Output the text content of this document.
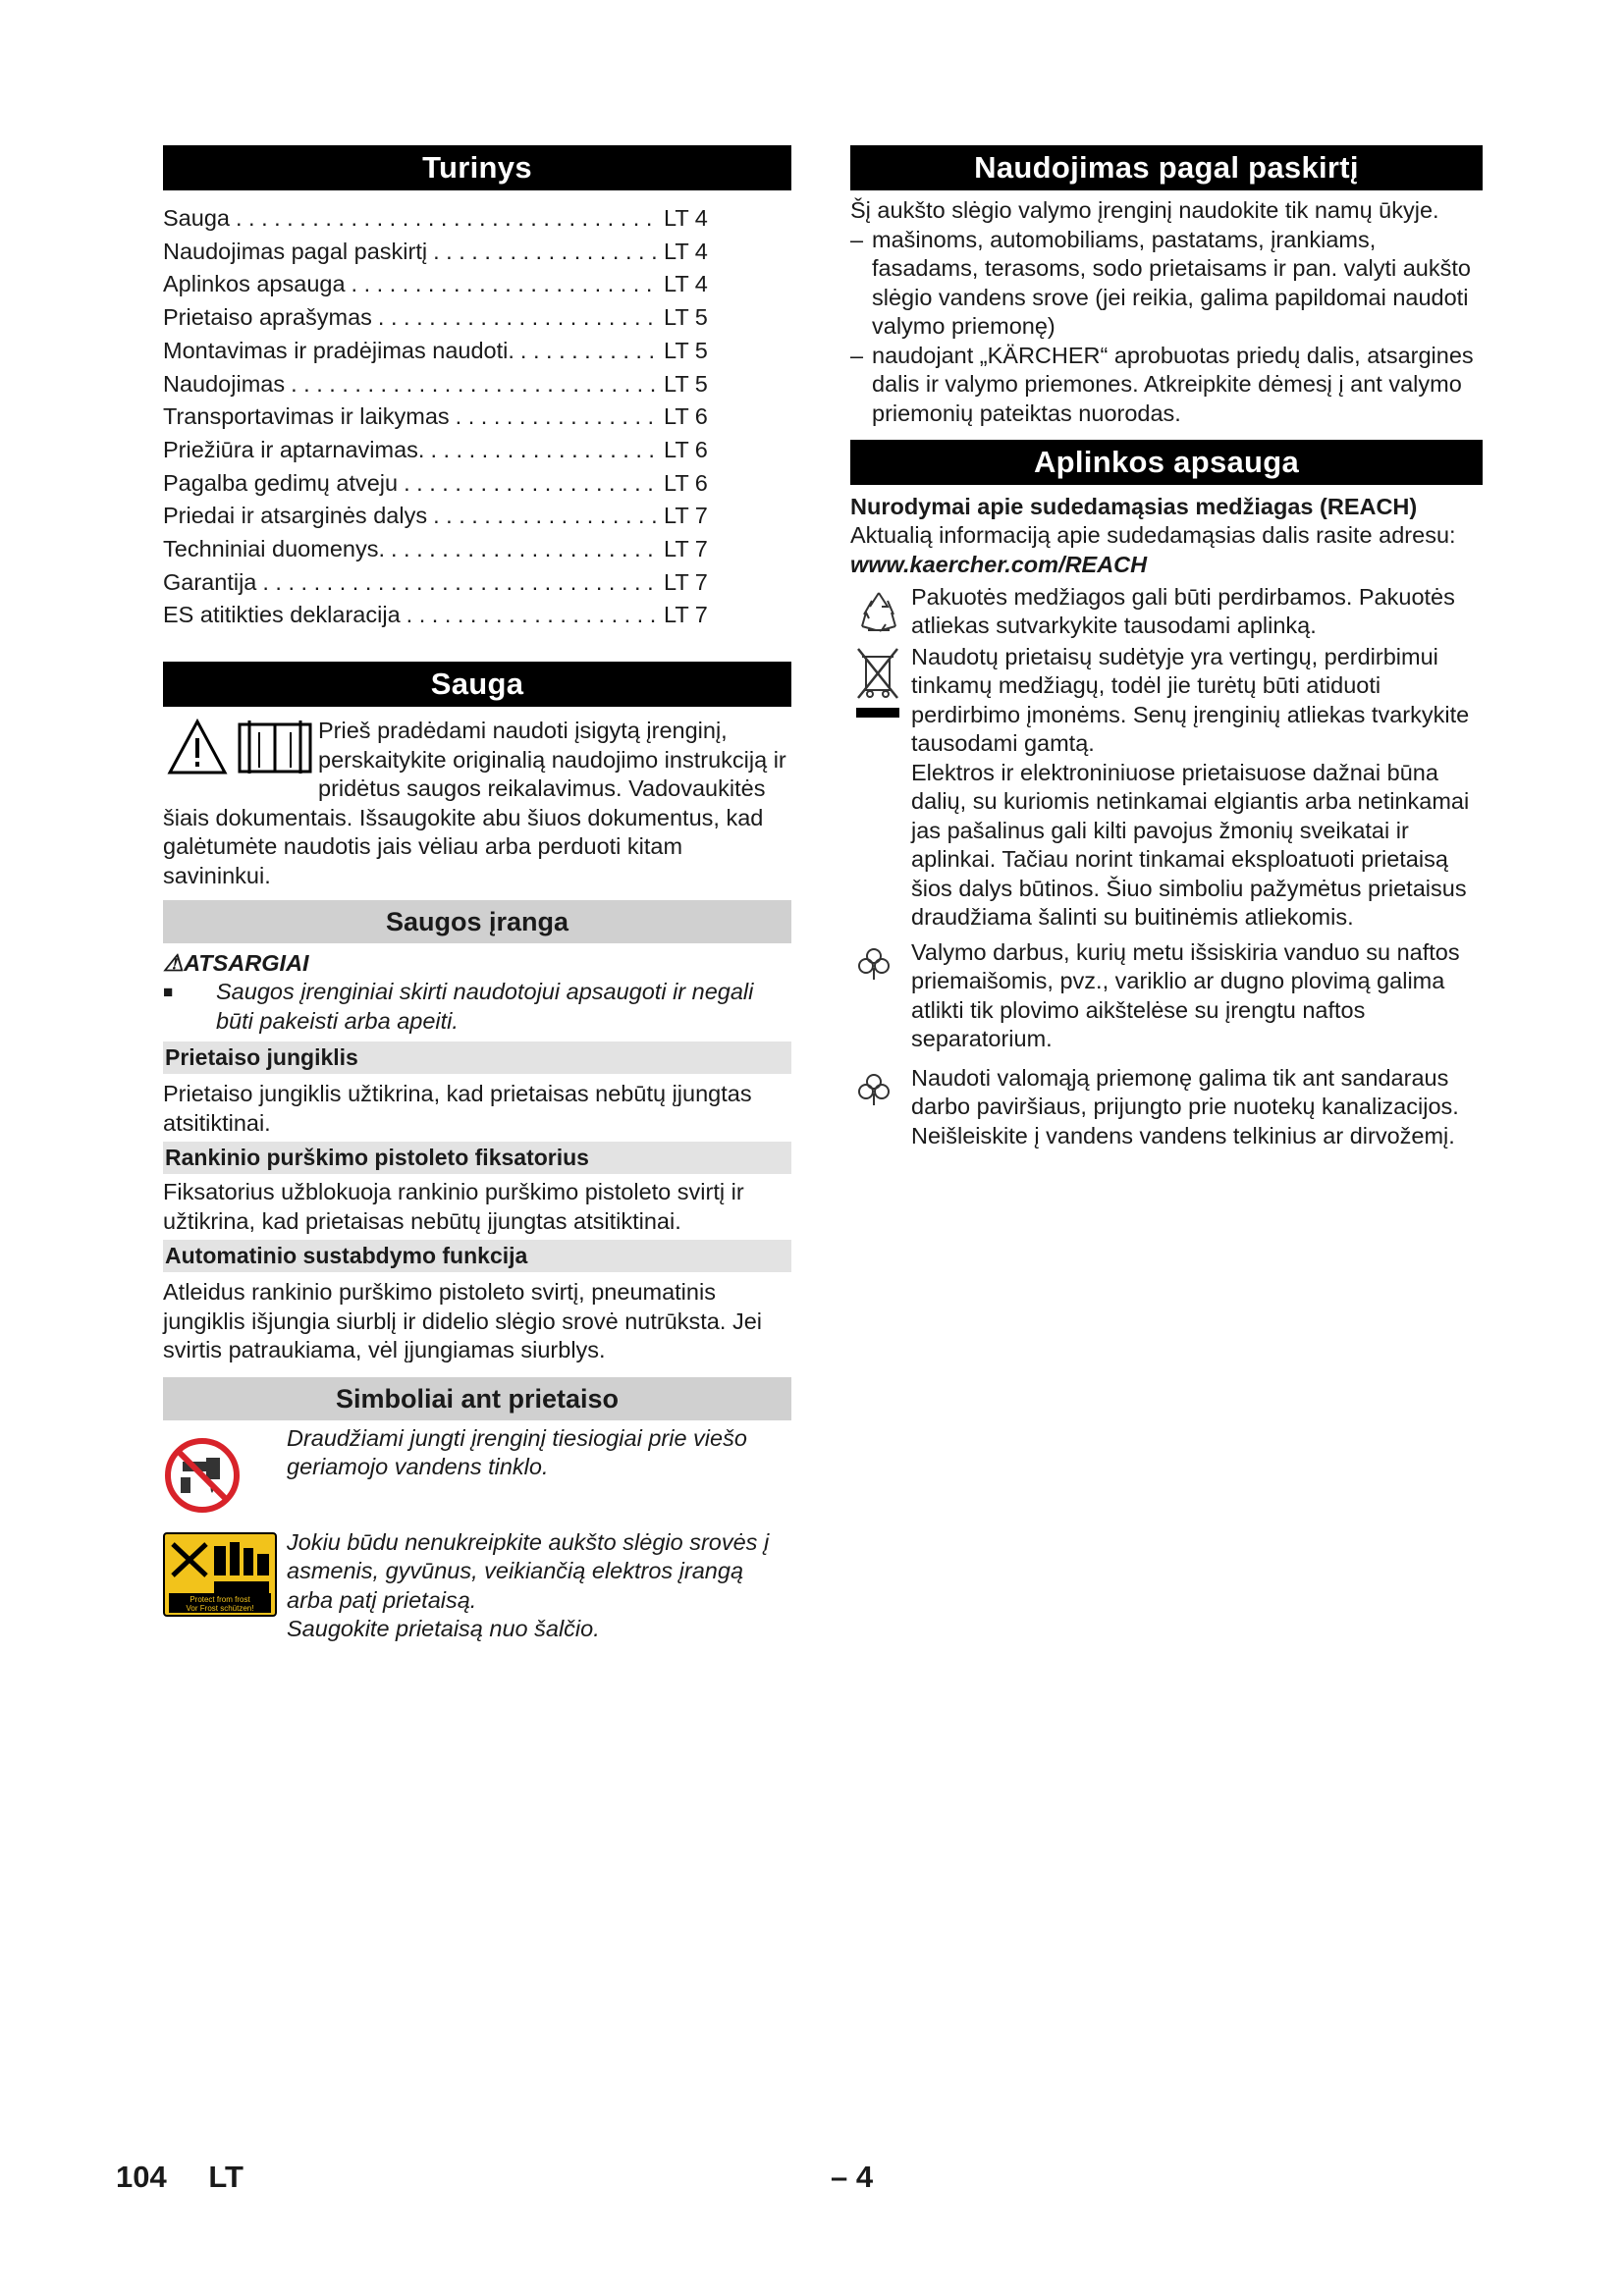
Turinys
Sauga . . .	LT 4
Naudojimas pagal paskirtį . . .	LT 4
Aplinkos apsauga . . .	LT 4
Prietaiso aprašymas . . .	LT 5
Montavimas ir pradėjimas naudoti. . . .	LT 5
Naudojimas . . .	LT 5
Transportavimas ir laikymas . . .	LT 6
Priežiūra ir aptarnavimas. . . .	LT 6
Pagalba gedimų atveju . . .	LT 6
Priedai ir atsarginės dalys . . .	LT 7
Techniniai duomenys. . . .	LT 7
Garantija . . .	LT 7
ES atitikties deklaracija . . .	LT 7
Sauga
Prieš pradėdami naudoti įsigytą įrenginį, perskaitykite originalią naudojimo instrukciją ir pridėtus saugos reikalavimus. Vadovaukitės šiais dokumentais. Išsaugokite abu šiuos dokumentus, kad galėtumėte naudotis jais vėliau arba perduoti kitam savininkui.
Saugos įranga
⚠ATSARGIAI
■	Saugos įrenginiai skirti naudotojui apsaugoti ir negali būti pakeisti arba apeiti.
Prietaiso jungiklis
Prietaiso jungiklis užtikrina, kad prietaisas nebūtų įjungtas atsitiktinai.
Rankinio purškimo pistoleto fiksatorius
Fiksatorius užblokuoja rankinio purškimo pistoleto svirtį ir užtikrina, kad prietaisas nebūtų įjungtas atsitiktinai.
Automatinio sustabdymo funkcija
Atleidus rankinio purškimo pistoleto svirtį, pneumatinis jungiklis išjungia siurblį ir didelio slėgio srovė nutrūksta. Jei svirtis patraukiama, vėl įjungiamas siurblys.
Simboliai ant prietaiso
Draudžiami jungti įrenginį tiesiogiai prie viešo geriamojo vandens tinklo.
Protect from frost
Vor Frost schützen!
Jokiu būdu nenukreipkite aukšto slėgio srovės į asmenis, gyvūnus, veikiančią elektros įrangą arba patį prietaisą.
Saugokite prietaisą nuo šalčio.
Naudojimas pagal paskirtį
Šį aukšto slėgio valymo įrenginį naudokite tik namų ūkyje.
– mašinoms, automobiliams, pastatams, įrankiams, fasadams, terasoms, sodo prietaisams ir pan. valyti aukšto slėgio vandens srove (jei reikia, galima papildomai naudoti valymo priemonę)
– naudojant „KÄRCHER“ aprobuotas priedų dalis, atsargines dalis ir valymo priemones. Atkreipkite dėmesį į ant valymo priemonių pateiktas nuorodas.
Aplinkos apsauga
Nurodymai apie sudedamąsias medžiagas (REACH)
Aktualią informaciją apie sudedamąsias dalis rasite adresu:
www.kaercher.com/REACH
Pakuotės medžiagos gali būti perdirbamos. Pakuotės atliekas sutvarkykite tausodami aplinką.
Naudotų prietaisų sudėtyje yra vertingų, perdirbimui tinkamų medžiagų, todėl jie turėtų būti atiduoti perdirbimo įmonėms. Senų įrenginių atliekas tvarkykite tausodami gamtą.
Elektros ir elektroniniuose prietaisuose dažnai būna dalių, su kuriomis netinkamai elgiantis arba netinkamai jas pašalinus gali kilti pavojus žmonių sveikatai ir aplinkai. Tačiau norint tinkamai eksploatuoti prietaisą šios dalys būtinos. Šiuo simboliu pažymėtus prietaisus draudžiama šalinti su buitinėmis atliekomis.
Valymo darbus, kurių metu išsiskiria vanduo su naftos priemaišomis, pvz., variklio ar dugno plovimą galima atlikti tik plovimo aikštelėse su įrengtu naftos separatorium.
Naudoti valomąją priemonę galima tik ant sandaraus darbo paviršiaus, prijungto prie nuotekų kanalizacijos. Neišleiskite į vandens vandens telkinius ar dirvožemį.
104 LT	– 4
